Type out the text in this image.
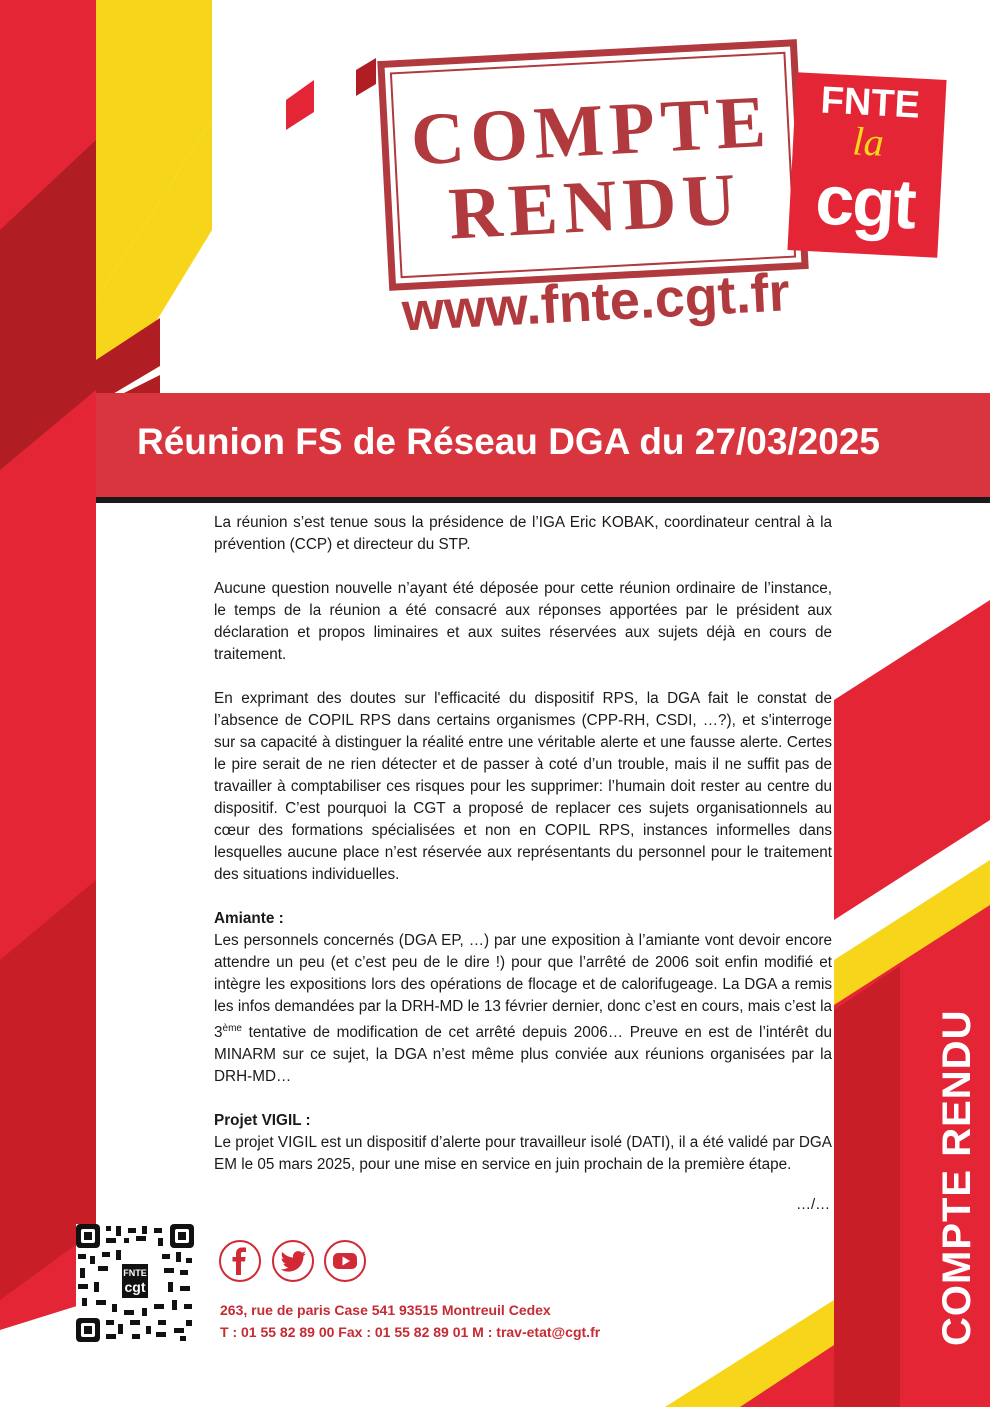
COMPTE
RENDU
FNTE
la
cgt
www.fnte.cgt.fr
Réunion FS de Réseau DGA du 27/03/2025

La réunion s’est tenue sous la présidence de l’IGA Eric KOBAK, coordinateur central à la prévention (CCP) et directeur du STP.

Aucune question nouvelle n’ayant été déposée pour cette réunion ordinaire de l’instance, le temps de la réunion a été consacré aux réponses apportées par le président aux déclaration et propos liminaires et aux suites réservées aux sujets déjà en cours de traitement.

En exprimant des doutes sur l'efficacité du dispositif RPS, la DGA fait le constat de l’absence de COPIL RPS dans certains organismes (CPP-RH, CSDI, …?), et s'interroge sur sa capacité à distinguer la réalité entre une véritable alerte et une fausse alerte. Certes le pire serait de ne rien détecter et de passer à coté d’un trouble, mais il ne suffit pas de travailler à comptabiliser ces risques pour les supprimer: l’humain doit rester au centre du dispositif. C’est pourquoi la CGT a proposé de replacer ces sujets organisationnels au cœur des formations spécialisées et non en COPIL RPS, instances informelles dans lesquelles aucune place n’est réservée aux représentants du personnel pour le traitement des situations individuelles.

Amiante :
Les personnels concernés (DGA EP, …) par une exposition à l’amiante vont devoir encore attendre un peu (et c’est peu de le dire !) pour que l’arrêté de 2006 soit enfin modifié et intègre les expositions lors des opérations de flocage et de calorifugeage. La DGA a remis les infos demandées par la DRH-MD le 13 février dernier, donc c’est en cours, mais c’est la 3ème tentative de modification de cet arrêté depuis 2006… Preuve en est de l’intérêt du MINARM sur ce sujet, la DGA n’est même plus conviée aux réunions organisées par la DRH-MD…

Projet VIGIL :
Le projet VIGIL est un dispositif d’alerte pour travailleur isolé (DATI), il a été validé par DGA EM le 05 mars 2025, pour une mise en service en juin prochain de la première étape.

…/…
FNTE
cgt
263, rue de paris Case 541 93515 Montreuil Cedex
T : 01 55 82 89 00 Fax : 01 55 82 89 01 M : trav-etat@cgt.fr	COMPTE RENDU
